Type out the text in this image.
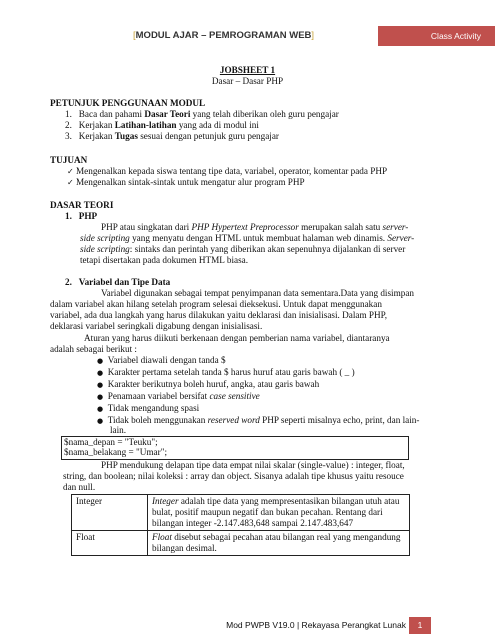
[MODUL AJAR – PEMROGRAMAN WEB]	Class Activity
JOBSHEET 1
Dasar – Dasar PHP
PETUNJUK PENGGUNAAN MODUL
1. Baca dan pahami Dasar Teori yang telah diberikan oleh guru pengajar
2. Kerjakan Latihan-latihan yang ada di modul ini
3. Kerjakan Tugas sesuai dengan petunjuk guru pengajar
TUJUAN
✓ Mengenalkan kepada siswa tentang tipe data, variabel, operator, komentar pada PHP
✓ Mengenalkan sintak-sintak untuk mengatur alur program PHP
DASAR TEORI
1. PHP
PHP atau singkatan dari PHP Hypertext Preprocessor merupakan salah satu server-
side scripting yang menyatu dengan HTML untuk membuat halaman web dinamis. Server-
side scripting: sintaks dan perintah yang diberikan akan sepenuhnya dijalankan di server
tetapi disertakan pada dokumen HTML biasa.
2. Variabel dan Tipe Data
Variabel digunakan sebagai tempat penyimpanan data sementara.Data yang disimpan
dalam variabel akan hilang setelah program selesai dieksekusi. Untuk dapat menggunakan
variabel, ada dua langkah yang harus dilakukan yaitu deklarasi dan inisialisasi. Dalam PHP,
deklarasi variabel seringkali digabung dengan inisialisasi.
Aturan yang harus diikuti berkenaan dengan pemberian nama variabel, diantaranya
adalah sebagai berikut :
● Variabel diawali dengan tanda $
● Karakter pertama setelah tanda $ harus huruf atau garis bawah ( _ )
● Karakter berikutnya boleh huruf, angka, atau garis bawah
● Penamaan variabel bersifat case sensitive
● Tidak mengandung spasi
● Tidak boleh menggunakan reserved word PHP seperti misalnya echo, print, dan lain-
lain.
$nama_depan = "Teuku";
$nama_belakang = "Umar";
PHP mendukung delapan tipe data empat nilai skalar (single-value) : integer, float,
string, dan boolean; nilai koleksi : array dan object. Sisanya adalah tipe khusus yaitu resouce
dan null.
Integer	Integer adalah tipe data yang mempresentasikan bilangan utuh atau bulat, positif maupun negatif dan bukan pecahan. Rentang dari bilangan integer -2.147.483,648 sampai 2.147.483,647
Float	Float disebut sebagai pecahan atau bilangan real yang mengandung bilangan desimal.
Mod PWPB V19.0 | Rekayasa Perangkat Lunak	1
